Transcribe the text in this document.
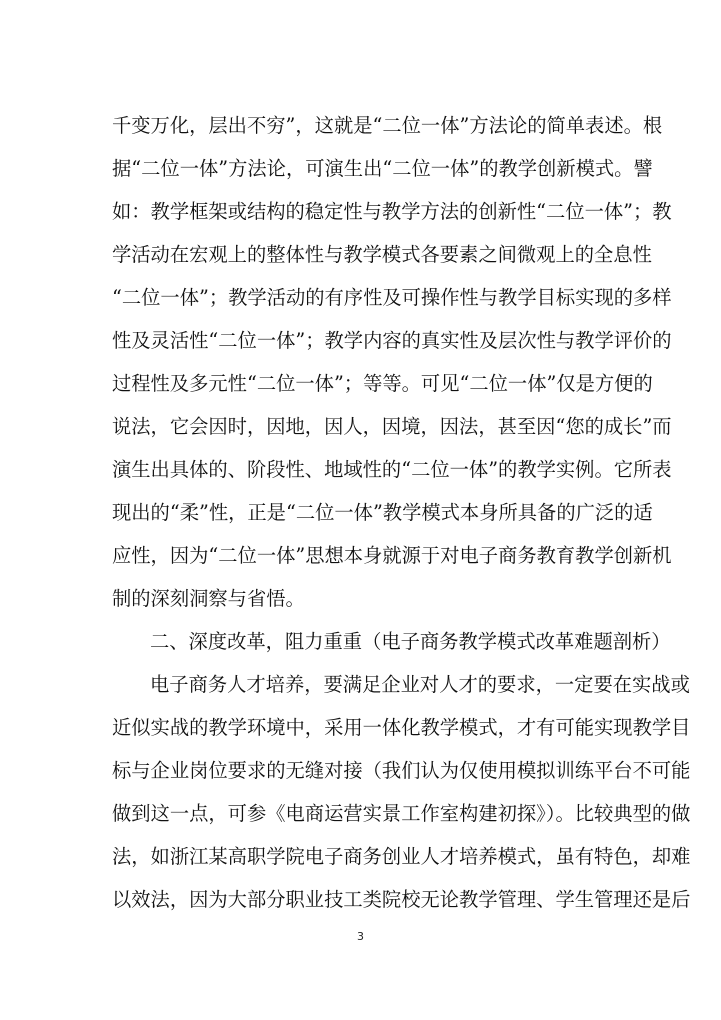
千变万化，层出不穷”，这就是“二位一体”方法论的简单表述。根
据“二位一体”方法论，可演生出“二位一体”的教学创新模式。譬
如：教学框架或结构的稳定性与教学方法的创新性“二位一体”；教
学活动在宏观上的整体性与教学模式各要素之间微观上的全息性
“二位一体”；教学活动的有序性及可操作性与教学目标实现的多样
性及灵活性“二位一体”；教学内容的真实性及层次性与教学评价的
过程性及多元性“二位一体”；等等。可见“二位一体”仅是方便的
说法，它会因时，因地，因人，因境，因法，甚至因“您的成长”而
演生出具体的、阶段性、地域性的“二位一体”的教学实例。它所表
现出的“柔”性，正是“二位一体”教学模式本身所具备的广泛的适
应性，因为“二位一体”思想本身就源于对电子商务教育教学创新机
制的深刻洞察与省悟。
二、深度改革，阻力重重（电子商务教学模式改革难题剖析）
电子商务人才培养，要满足企业对人才的要求，一定要在实战或
近似实战的教学环境中，采用一体化教学模式，才有可能实现教学目
标与企业岗位要求的无缝对接（我们认为仅使用模拟训练平台不可能
做到这一点，可参《电商运营实景工作室构建初探》）。比较典型的做
法，如浙江某高职学院电子商务创业人才培养模式，虽有特色，却难
以效法，因为大部分职业技工类院校无论教学管理、学生管理还是后
3
